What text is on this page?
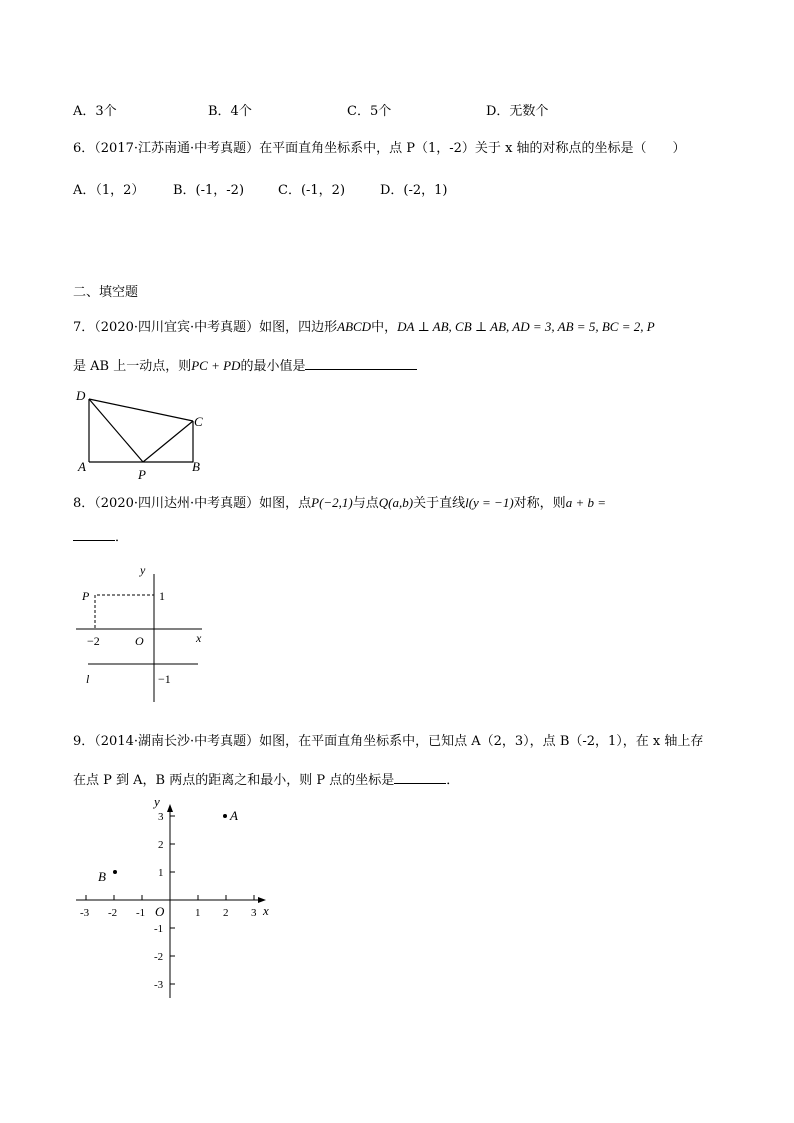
A．3个	B．4个	C．5个	D．无数个
6．（2017·江苏南通·中考真题）在平面直角坐标系中，点 P（1，-2）关于 x 轴的对称点的坐标是（　　）
A．（1，2） B．(-1，-2)	C．(-1，2)	D．(-2，1)
二、填空题
7．（2020·四川宜宾·中考真题）如图，四边形ABCD中，DA ⊥ AB, CB ⊥ AB, AD = 3, AB = 5, BC = 2, P
是 AB 上一动点，则PC + PD的最小值是
D
C
A
P
B
8．（2020·四川达州·中考真题）如图，点P(−2,1)与点Q(a,b)关于直线l(y = −1)对称，则a + b =
．
y
x
O
P	1
−2
−1
l
9．（2014·湖南长沙·中考真题）如图，在平面直角坐标系中，已知点 A（2，3），点 B（-2，1），在 x 轴上存
在点 P 到 A，B 两点的距离之和最小，则 P 点的坐标是	．
y
x
O
A
B
-3 -2 -1	1 2 3
3
2
1
-1
-2
-3
